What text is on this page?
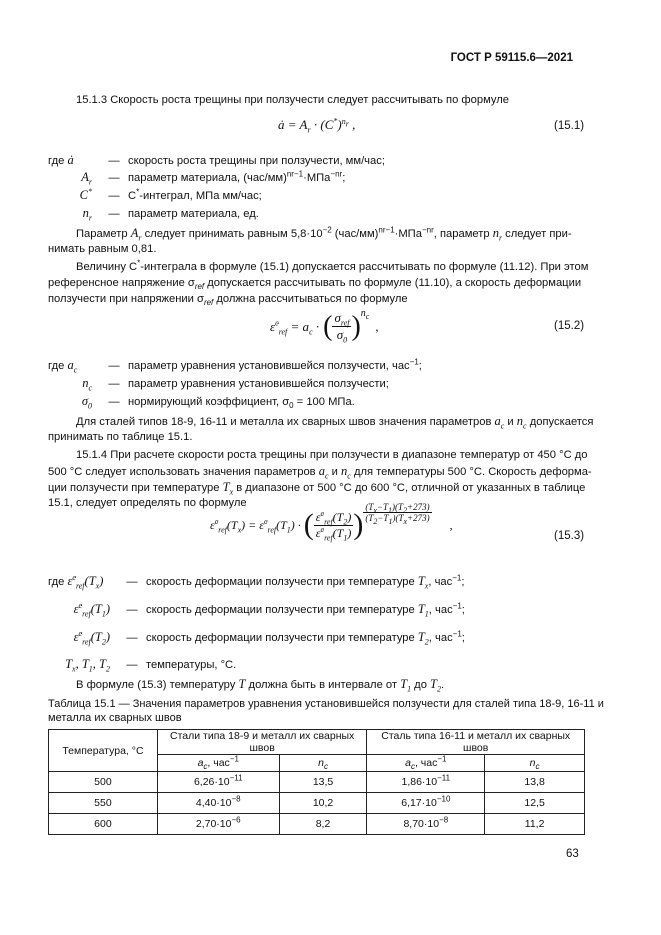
ГОСТ Р 59115.6—2021
15.1.3 Скорость роста трещины при ползучести следует рассчитывать по формуле
ȧ = $A_r \cdot (C^*)^{n_r}$ ,	(15.1)
где ȧ	— скорость роста трещины при ползучести, мм/час;
$A_r$ — параметр материала, $(час/мм)^{nr-1}\cdot МПа^{-nr}$;
C* — C*-интеграл, МПа мм/час;
$n_r$ — параметр материала, ед.
Параметр $A_r$ следует принимать равным $5,8\cdot 10^{-2}$ $(час/мм)^{nr-1}\cdot МПа^{-nr}$, параметр $n_r$ следует при-
нимать равным 0,81.
Величину C*-интеграла в формуле (15.1) допускается рассчитывать по формуле (11.12). При этом
референсное напряжение $\sigma_{ref}$ допускается рассчитывать по формуле (11.10), а скорость деформации
ползучести при напряжении $\sigma_{ref}$ должна рассчитываться по формуле
ε̇$^c_{ref}$ = $a_c$ · ( $\frac{\sigma_{ref}}{\sigma_0}$ ) $n_c$
,	(15.2)
где $a_c$	— параметр уравнения установившейся ползучести, час$^{-1}$;
$n_c$ — параметр уравнения установившейся ползучести;
$\sigma_0$ — нормирующий коэффициент, $\sigma_0 = 100$ МПа.
Для сталей типов 18-9, 16-11 и металла их сварных швов значения параметров $a_c$ и $n_c$ допускается
принимать по таблице 15.1.
15.1.4 При расчете скорости роста трещины при ползучести в диапазоне температур от 450 °С до
500 °С следует использовать значения параметров $a_c$ и $n_c$ для температуры 500 °С. Скорость деформа-
ции ползучести при температуре $T_x$ в диапазоне от 500 °С до 600 °С, отличной от указанных в таблице
15.1, следует определять по формуле
$\varepsiloṅ^c_{ref}(T_x)$ = $\varepsiloṅ^c_{ref}(T_1)$ · ( $\frac{\varepsiloṅ^c_{ref}(T_2)}{\varepsiloṅ^c_{ref}(T_1)}$ ) $\frac{(T_x-T_1)(T_2+273)}{(T_2-T_1)(T_x+273)}$
,
(15.3)
где $\varepsiloṅ^c_{ref}(T_x)$ — скорость деформации ползучести при температуре $T_x$, час$^{-1}$;
$\varepsiloṅ^c_{ref}(T_1)$ — скорость деформации ползучести при температуре $T_1$, час$^{-1}$;
$\varepsiloṅ^c_{ref}(T_2)$ — скорость деформации ползучести при температуре $T_2$, час$^{-1}$;
$T_x$, $T_1$, $T_2$ — температуры, °С.
В формуле (15.3) температуру T должна быть в интервале от $T_1$ до $T_2$.
Таблица 15.1 — Значения параметров уравнения установившейся ползучести для сталей типа 18-9, 16-11 и
металла их сварных швов
Температура, °С	Стали типа 18-9 и металл их сварных швов		Сталь типа 16-11 и металл их сварных швов	
	$a_c$, час$^{-1}$	$n_c$	$a_c$, час$^{-1}$	$n_c$
500	$6,26\cdot 10^{-11}$	13,5	$1,86\cdot 10^{-11}$	13,8
550	$4,40\cdot 10^{-8}$	10,2	$6,17\cdot 10^{-10}$	12,5
600	$2,70\cdot 10^{-6}$	8,2	$8,70\cdot 10^{-8}$	11,2
63
